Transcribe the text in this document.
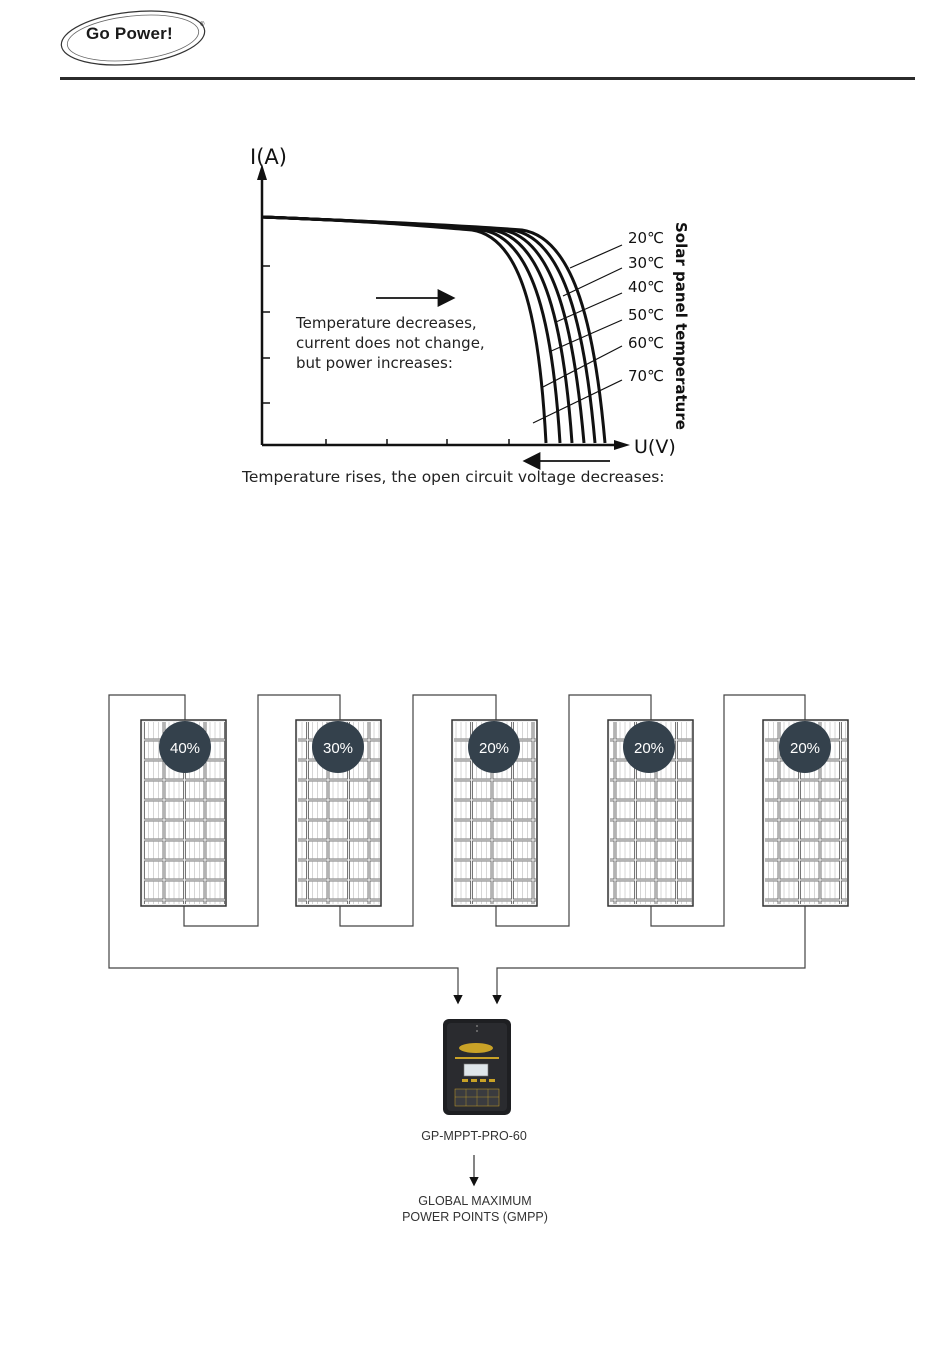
Go Power!	®
I(A)
U(V)
20℃
30℃
40℃
50℃
60℃
70℃ Solar panel temperature
Temperature decreases,
current does not change,
but power increases:
Temperature rises, the open circuit voltage decreases:
40%	30%	20%	20%	20%
GP-MPPT-PRO-60
GLOBAL MAXIMUM
POWER POINTS (GMPP)
